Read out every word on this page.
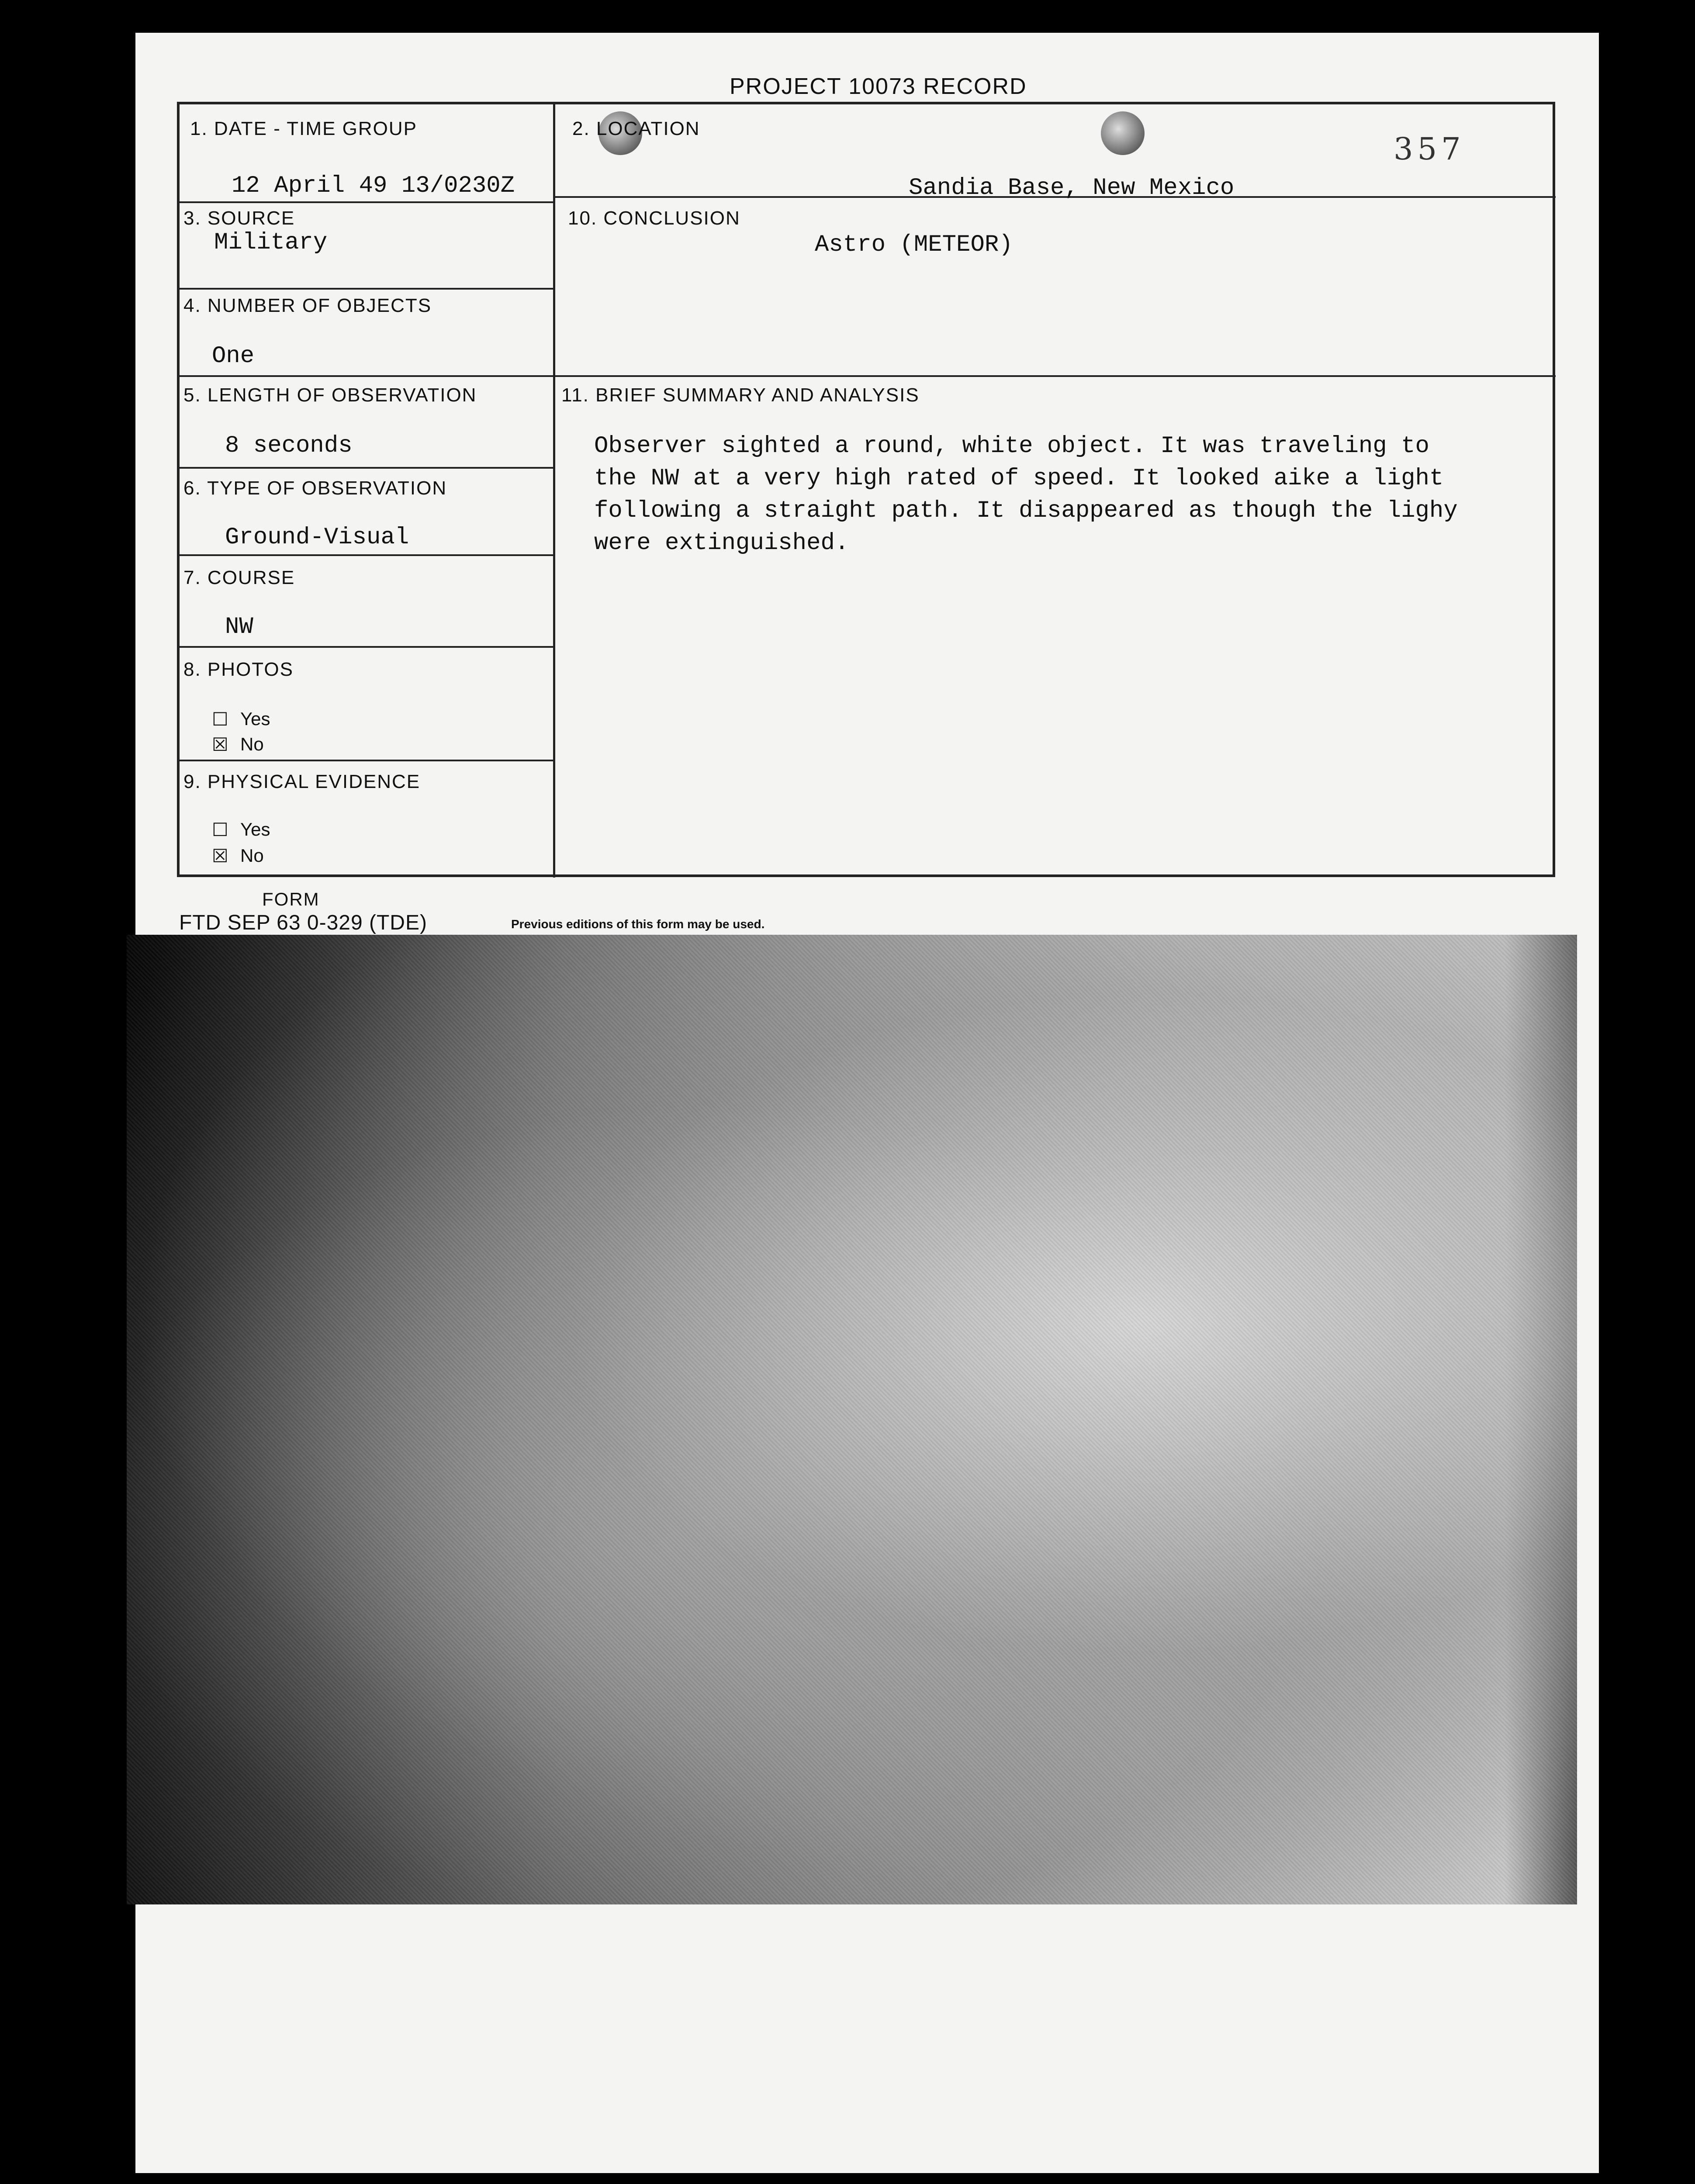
PROJECT 10073 RECORD
357
1. DATE - TIME GROUP
12 April 49 13/0230Z
3. SOURCE
Military
4. NUMBER OF OBJECTS
One
5. LENGTH OF OBSERVATION
8 seconds
6. TYPE OF OBSERVATION
Ground-Visual
7. COURSE
NW
8. PHOTOS
☐ Yes
☒ No
9. PHYSICAL EVIDENCE
☐ Yes
☒ No
2. LOCATION
Sandia Base, New Mexico
10. CONCLUSION
Astro (METEOR)
11. BRIEF SUMMARY AND ANALYSIS
Observer sighted a round, white object. It was traveling to
the NW at a very high rated of speed. It looked aike a light
following a straight path. It disappeared as though the lighy
were extinguished.
FORM
FTD SEP 63 0-329 (TDE)	Previous editions of this form may be used.
